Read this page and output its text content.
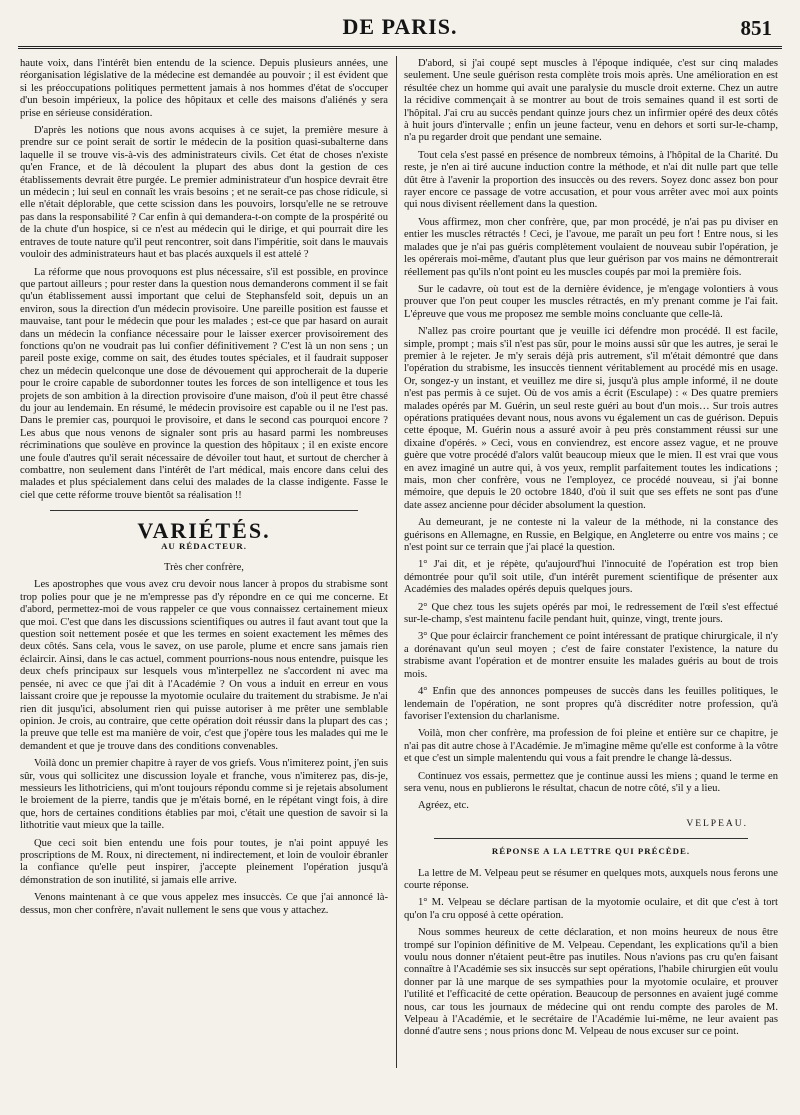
DE PARIS.	851

haute voix, dans l'intérêt bien entendu de la science. Depuis plusieurs années, une réorganisation législative de la médecine est demandée au pouvoir ; il est évident que si les préoccupations politiques permettent jamais à nos hommes d'état de s'occuper d'un besoin impérieux, la police des hôpitaux et celle des maisons d'aliénés y sera prise en sérieuse considération.

D'après les notions que nous avons acquises à ce sujet, la première mesure à prendre sur ce point serait de sortir le médecin de la position quasi-subalterne dans laquelle il se trouve vis-à-vis des administrateurs civils. Cet état de choses n'existe qu'en France, et de là découlent la plupart des abus dont la gestion de ces établissements devrait être purgée. Le premier administrateur d'un hospice devrait être un médecin ; lui seul en connaît les vrais besoins ; et ne serait-ce pas chose ridicule, si elle n'était déplorable, que cette scission dans les pouvoirs, lorsqu'elle ne se retrouve pas dans la responsabilité ? Car enfin à qui demandera-t-on compte de la prospérité ou de la chute d'un hospice, si ce n'est au médecin qui le dirige, et qui pourrait dire les entraves de toute nature qu'il peut rencontrer, soit dans l'impéritie, soit dans le mauvais vouloir des administrateurs haut et bas placés auxquels il est attelé ?

La réforme que nous provoquons est plus nécessaire, s'il est possible, en province que partout ailleurs ; pour rester dans la question nous demanderons comment il se fait qu'un établissement aussi important que celui de Stephansfeld soit, depuis un an environ, sous la direction d'un médecin provisoire. Une pareille position est fausse et mauvaise, tant pour le médecin que pour les malades ; est-ce que par hasard on aurait dans un médecin la confiance nécessaire pour le laisser exercer provisoirement des fonctions qu'on ne voudrait pas lui confier définitivement ? C'est là un non sens ; un pareil poste exige, comme on sait, des études toutes spéciales, et il faudrait supposer chez un médecin quelconque une dose de dévouement qui approcherait de la duperie pour le croire capable de subordonner toutes les forces de son intelligence et tous les projets de son ambition à la direction provisoire d'une maison, d'où il peut être chassé du jour au lendemain. En résumé, le médecin provisoire est capable ou il ne l'est pas. Dans le premier cas, pourquoi le provisoire, et dans le second cas pourquoi encore ? Les abus que nous venons de signaler sont pris au hasard parmi les nombreuses récriminations que soulève en province la question des hôpitaux ; il en existe encore une foule d'autres qu'il serait nécessaire de dévoiler tout haut, et surtout de chercher à combattre, non seulement dans l'intérêt de l'art médical, mais encore dans celui des malades et plus spécialement dans celui des malades de la classe indigente. Fasse le ciel que cette réforme trouve bientôt sa réalisation !!

VARIÉTÉS.
AU RÉDACTEUR.

Très cher confrère,

Les apostrophes que vous avez cru devoir nous lancer à propos du strabisme sont trop polies pour que je ne m'empresse pas d'y répondre en ce qui me concerne. Et d'abord, permettez-moi de vous rappeler ce que vous connaissez certainement mieux que moi. C'est que dans les discussions scientifiques ou autres il faut avant tout que la question soit nettement posée et que les termes en soient exactement les mêmes des deux côtés. Sans cela, vous le savez, on use parole, plume et encre sans jamais rien éclaircir. Ainsi, dans le cas actuel, comment pourrions-nous nous entendre, puisque les deux chefs principaux sur lesquels vous m'interpellez ne s'accordent ni avec ma pensée, ni avec ce que j'ai dit à l'Académie ? On vous a induit en erreur en vous laissant croire que je repousse la myotomie oculaire du traitement du strabisme. Je n'ai rien dit jusqu'ici, absolument rien qui puisse autoriser à me prêter une semblable opinion. Je crois, au contraire, que cette opération doit réussir dans la plupart des cas ; la preuve que telle est ma manière de voir, c'est que j'opère tous les malades qui me le demandent et que je trouve dans des conditions convenables.

Voilà donc un premier chapitre à rayer de vos griefs. Vous n'imiterez point, j'en suis sûr, vous qui sollicitez une discussion loyale et franche, vous n'imiterez pas, dis-je, messieurs les lithotriciens, qui m'ont toujours répondu comme si je rejetais absolument le broiement de la pierre, tandis que je m'étais borné, en le répétant vingt fois, à dire que, hors de certaines conditions établies par moi, c'était une question de savoir si la lithotritie vaut mieux que la taille.

Que ceci soit bien entendu une fois pour toutes, je n'ai point appuyé les proscriptions de M. Roux, ni directement, ni indirectement, et loin de vouloir ébranler la confiance qu'elle peut inspirer, j'accepte pleinement l'opération jusqu'à démonstration de son inutilité, si jamais elle arrive.

Venons maintenant à ce que vous appelez mes insuccès. Ce que j'ai annoncé là-dessus, mon cher confrère, n'avait nullement le sens que vous y attachez.

D'abord, si j'ai coupé sept muscles à l'époque indiquée, c'est sur cinq malades seulement. Une seule guérison resta complète trois mois après. Une amélioration en est résultée chez un homme qui avait une paralysie du muscle droit externe. Chez un autre la récidive commençait à se montrer au bout de trois semaines quand il est sorti de l'hôpital. J'ai cru au succès pendant quinze jours chez un infirmier opéré des deux côtés à huit jours d'intervalle ; enfin un jeune facteur, venu en dehors et sorti sur-le-champ, n'a pu regarder droit que pendant une semaine.

Tout cela s'est passé en présence de nombreux témoins, à l'hôpital de la Charité. Du reste, je n'en ai tiré aucune induction contre la méthode, et n'ai dit nulle part que telle dût être à l'avenir la proportion des insuccès ou des revers. Soyez donc assez bon pour rayer encore ce passage de votre accusation, et pour vous arrêter avec moi aux points qui nous divisent réellement dans la question.

Vous affirmez, mon cher confrère, que, par mon procédé, je n'ai pas pu diviser en entier les muscles rétractés ! Ceci, je l'avoue, me paraît un peu fort ! Entre nous, si les malades que je n'ai pas guéris complètement voulaient de nouveau subir l'opération, je les opérerais moi-même, d'autant plus que leur guérison par vos mains ne démontrerait réellement pas qu'ils n'ont point eu les muscles coupés par moi la première fois.

Sur le cadavre, où tout est de la dernière évidence, je m'engage volontiers à vous prouver que l'on peut couper les muscles rétractés, en m'y prenant comme je l'ai fait. L'épreuve que vous me proposez me semble moins concluante que celle-là.

N'allez pas croire pourtant que je veuille ici défendre mon procédé. Il est facile, simple, prompt ; mais s'il n'est pas sûr, pour le moins aussi sûr que les autres, je serai le premier à le rejeter. Je m'y serais déjà pris autrement, s'il m'était démontré que dans l'opération du strabisme, les insuccès tiennent véritablement au procédé mis en usage. Or, songez-y un instant, et veuillez me dire si, jusqu'à plus ample informé, il ne doute n'est pas permis à ce sujet. Où de vos amis a écrit (Esculape) : « Des quatre premiers malades opérés par M. Guérin, un seul reste guéri au bout d'un mois… Sur trois autres opérations pratiquées devant nous, nous avons vu également un cas de guérison. Depuis cette époque, M. Guérin nous a assuré avoir à peu près constamment réussi sur une dixaine d'opérés. » Ceci, vous en conviendrez, est encore assez vague, et ne prouve guère que votre procédé d'alors valût beaucoup mieux que le mien. Il est vrai que vous en avez imaginé un autre qui, à vos yeux, remplit parfaitement toutes les indications ; mais, mon cher confrère, vous ne l'employez, ce procédé nouveau, si j'ai bonne mémoire, que depuis le 20 octobre 1840, d'où il suit que ses effets ne sont pas d'une date assez ancienne pour décider absolument la question.

Au demeurant, je ne conteste ni la valeur de la méthode, ni la constance des guérisons en Allemagne, en Russie, en Belgique, en Angleterre ou entre vos mains ; ce n'est point sur ce terrain que j'ai placé la question.

1° J'ai dit, et je répète, qu'aujourd'hui l'innocuité de l'opération est trop bien démontrée pour qu'il soit utile, d'un intérêt purement scientifique de présenter aux Académies des malades opérés depuis quelques jours.

2° Que chez tous les sujets opérés par moi, le redressement de l'œil s'est effectué sur-le-champ, s'est maintenu facile pendant huit, quinze, vingt, trente jours.

3° Que pour éclaircir franchement ce point intéressant de pratique chirurgicale, il n'y a dorénavant qu'un seul moyen ; c'est de faire constater l'existence, la nature du strabisme avant l'opération et de montrer ensuite les malades guéris au bout de trois mois.

4° Enfin que des annonces pompeuses de succès dans les feuilles politiques, le lendemain de l'opération, ne sont propres qu'à discréditer notre profession, qu'à favoriser l'extension du charlanisme.

Voilà, mon cher confrère, ma profession de foi pleine et entière sur ce chapitre, je n'ai pas dit autre chose à l'Académie. Je m'imagine même qu'elle est conforme à la vôtre et que c'est un simple malentendu qui vous a fait prendre le change là-dessus.

Continuez vos essais, permettez que je continue aussi les miens ; quand le terme en sera venu, nous en publierons le résultat, chacun de notre côté, s'il y a lieu.

Agréez, etc.

VELPEAU.
RÉPONSE A LA LETTRE QUI PRÉCÈDE.

La lettre de M. Velpeau peut se résumer en quelques mots, auxquels nous ferons une courte réponse.

1° M. Velpeau se déclare partisan de la myotomie oculaire, et dit que c'est à tort qu'on l'a cru opposé à cette opération.

Nous sommes heureux de cette déclaration, et non moins heureux de nous être trompé sur l'opinion définitive de M. Velpeau. Cependant, les explications qu'il a bien voulu nous donner n'étaient peut-être pas inutiles. Nous n'avions pas cru qu'en faisant connaître à l'Académie ses six insuccès sur sept opérations, l'habile chirurgien eût voulu donner par là une marque de ses sympathies pour la myotomie oculaire, et prouver l'utilité et l'efficacité de cette opération. Beaucoup de personnes en avaient jugé comme nous, car tous les journaux de médecine qui ont rendu compte des paroles de M. Velpeau à l'Académie, et le secrétaire de l'Académie lui-même, ne leur avaient pas donné d'autre sens ; nous prions donc M. Velpeau de nous excuser sur ce point.
